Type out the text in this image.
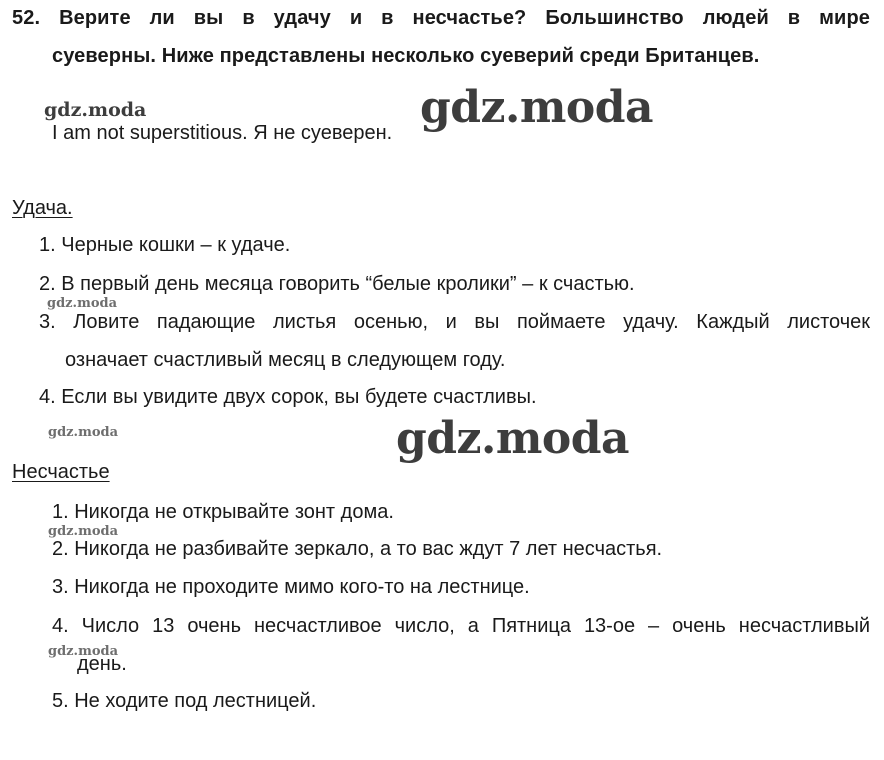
52. Верите ли вы в удачу и в несчастье? Большинство людей в мире
суеверны. Ниже представлены несколько суеверий среди Британцев.
I am not superstitious. Я не суеверен.
Удача.
1. Черные кошки – к удаче.
2. В первый день месяца говорить “белые кролики” – к счастью.
3. Ловите падающие листья осенью, и вы поймаете удачу. Каждый листочек
означает счастливый месяц в следующем году.
4. Если вы увидите двух сорок, вы будете счастливы.
Несчастье
1. Никогда не открывайте зонт дома.
2. Никогда не разбивайте зеркало, а то вас ждут 7 лет несчастья.
3. Никогда не проходите мимо кого-то на лестнице.
4. Число 13 очень несчастливое число, а Пятница 13-ое – очень несчастливый
день.
5. Не ходите под лестницей.
gdz.moda	gdz.moda
gdz.moda
gdz.moda	gdz.moda
gdz.moda
gdz.moda
